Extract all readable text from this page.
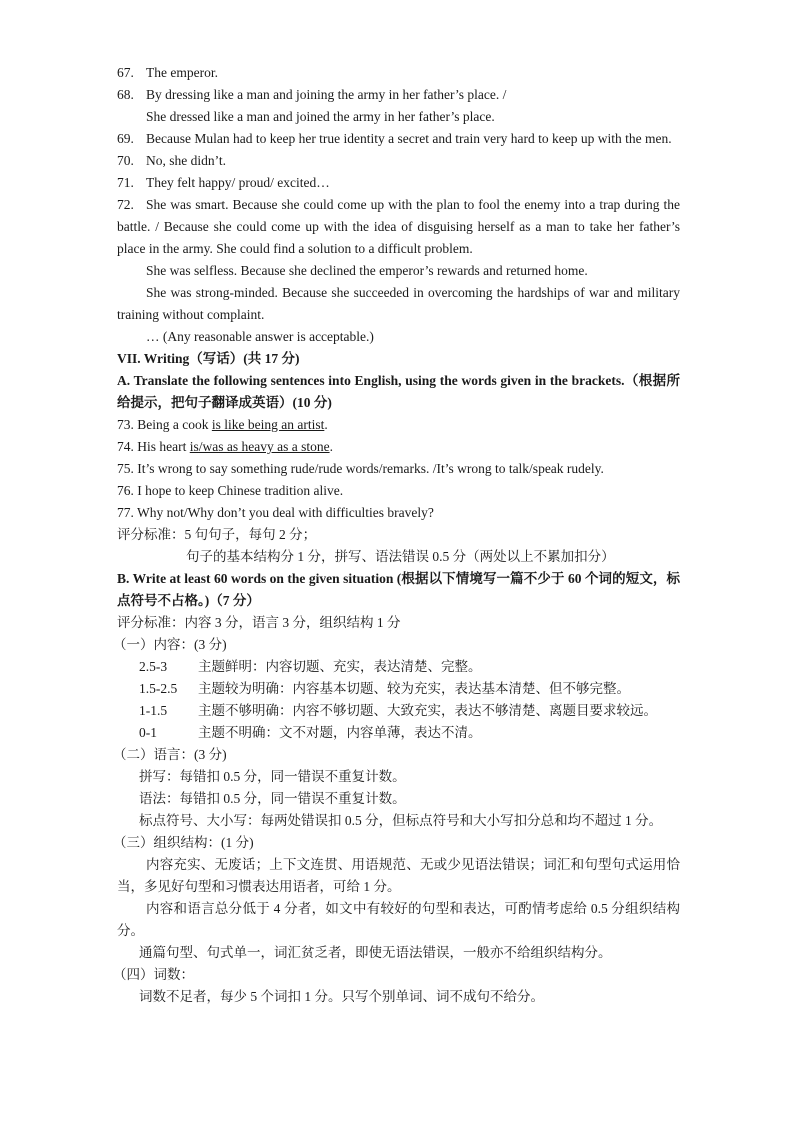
67. The emperor.
68. By dressing like a man and joining the army in her father’s place. /
She dressed like a man and joined the army in her father’s place.
69. Because Mulan had to keep her true identity a secret and train very hard to keep up with the men.
70. No, she didn’t.
71. They felt happy/ proud/ excited…
72. She was smart. Because she could come up with the plan to fool the enemy into a trap during the battle. / Because she could come up with the idea of disguising herself as a man to take her father’s place in the army. She could find a solution to a difficult problem.
She was selfless. Because she declined the emperor’s rewards and returned home.
She was strong-minded. Because she succeeded in overcoming the hardships of war and military training without complaint.
… (Any reasonable answer is acceptable.)
VII. Writing（写话）(共 17 分)
A. Translate the following sentences into English, using the words given in the brackets.（根据所给提示，把句子翻译成英语）(10 分)
73. Being a cook is like being an artist.
74. His heart is/was as heavy as a stone.
75. It’s wrong to say something rude/rude words/remarks. /It’s wrong to talk/speak rudely.
76. I hope to keep Chinese tradition alive.
77. Why not/Why don’t you deal with difficulties bravely?
评分标准：5 句句子，每句 2 分；
句子的基本结构分 1 分，拼写、语法错误 0.5 分（两处以上不累加扣分）
B. Write at least 60 words on the given situation (根据以下情境写一篇不少于 60 个词的短文，标点符号不占格。)（7 分）
评分标准：内容 3 分，语言 3 分，组织结构 1 分
（一）内容：(3 分)
2.5-3 主题鲜明：内容切题、充实，表达清楚、完整。
1.5-2.5 主题较为明确：内容基本切题、较为充实，表达基本清楚、但不够完整。
1-1.5 主题不够明确：内容不够切题、大致充实，表达不够清楚、离题目要求较远。
0-1	主题不明确：文不对题，内容单薄，表达不清。
（二）语言：(3 分)
拼写：每错扣 0.5 分，同一错误不重复计数。
语法：每错扣 0.5 分，同一错误不重复计数。
标点符号、大小写：每两处错误扣 0.5 分，但标点符号和大小写扣分总和均不超过 1 分。
（三）组织结构：(1 分)
内容充实、无废话；上下文连贯、用语规范、无或少见语法错误；词汇和句型句式运用恰当，多见好句型和习惯表达用语者，可给 1 分。
内容和语言总分低于 4 分者，如文中有较好的句型和表达，可酌情考虑给 0.5 分组织结构分。
通篇句型、句式单一，词汇贫乏者，即使无语法错误，一般亦不给组织结构分。
（四）词数：
词数不足者，每少 5 个词扣 1 分。只写个别单词、词不成句不给分。
